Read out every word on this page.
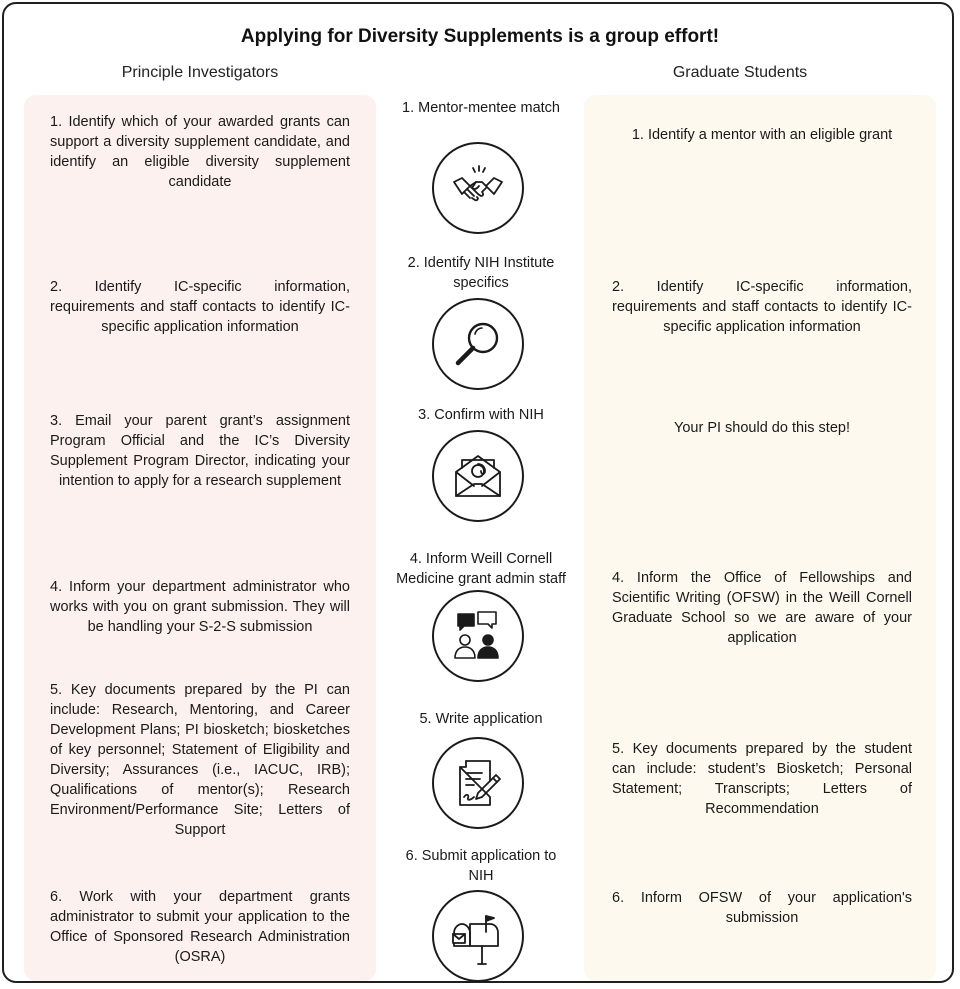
Applying for Diversity Supplements is a group effort!
Principle Investigators	Graduate Students
1. Identify which of your awarded grants can support a diversity supplement candidate, and identify an eligible diversity supplement candidate
2. Identify IC-specific information, requirements and staff contacts to identify IC-specific application information
3. Email your parent grant’s assignment Program Official and the IC’s Diversity Supplement Program Director, indicating your intention to apply for a research supplement
4. Inform your department administrator who works with you on grant submission. They will be handling your S-2-S submission
5. Key documents prepared by the PI can include: Research, Mentoring, and Career Development Plans; PI biosketch; biosketches of key personnel; Statement of Eligibility and Diversity; Assurances (i.e., IACUC, IRB); Qualifications of mentor(s); Research Environment/Performance Site; Letters of Support
6. Work with your department grants administrator to submit your application to the Office of Sponsored Research Administration (OSRA)
1. Identify a mentor with an eligible grant
2. Identify IC-specific information, requirements and staff contacts to identify IC-specific application information
Your PI should do this step!
4. Inform the Office of Fellowships and Scientific Writing (OFSW) in the Weill Cornell Graduate School so we are aware of your application
5. Key documents prepared by the student can include: student’s Biosketch; Personal Statement; Transcripts; Letters of Recommendation
6. Inform OFSW of your application's submission
1. Mentor-mentee match
2. Identify NIH Institute specifics
3. Confirm with NIH
4. Inform Weill Cornell Medicine grant admin staff
5. Write application
6. Submit application to NIH
